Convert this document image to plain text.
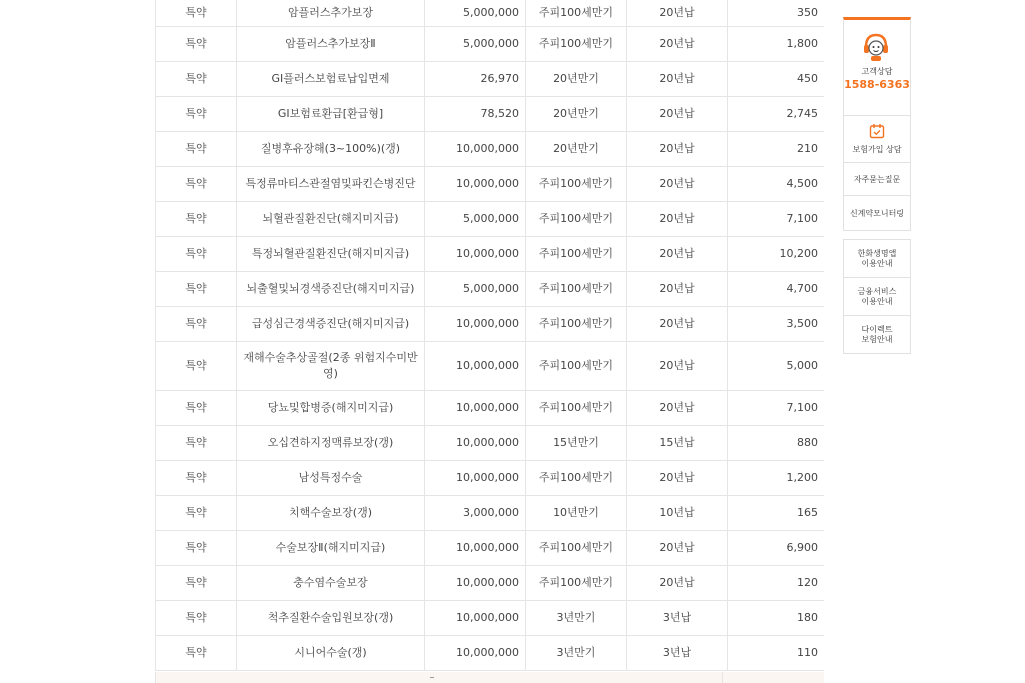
특약	암플러스추가보장	5,000,000	주피100세만기	20년납	350
특약	암플러스추가보장Ⅱ	5,000,000	주피100세만기	20년납	1,800
특약	GI플러스보험료납입면제	26,970	20년만기	20년납	450
특약	GI보험료환급[환급형]	78,520	20년만기	20년납	2,745
특약	질병후유장해(3~100%)(갱)	10,000,000	20년만기	20년납	210
특약	특정류마티스관절염및파킨슨병진단	10,000,000	주피100세만기	20년납	4,500
특약	뇌혈관질환진단(해지미지급)	5,000,000	주피100세만기	20년납	7,100
특약	특정뇌혈관질환진단(해지미지급)	10,000,000	주피100세만기	20년납	10,200
특약	뇌출혈및뇌경색증진단(해지미지급)	5,000,000	주피100세만기	20년납	4,700
특약	급성심근경색증진단(해지미지급)	10,000,000	주피100세만기	20년납	3,500
특약	재해수술추상골절(2종 위험지수미반영)	10,000,000	주피100세만기	20년납	5,000
특약	당뇨및합병증(해지미지급)	10,000,000	주피100세만기	20년납	7,100
특약	오십견하지정맥류보장(갱)	10,000,000	15년만기	15년납	880
특약	남성특정수술	10,000,000	주피100세만기	20년납	1,200
특약	치핵수술보장(갱)	3,000,000	10년만기	10년납	165
특약	수술보장Ⅱ(해지미지급)	10,000,000	주피100세만기	20년납	6,900
특약	충수염수술보장	10,000,000	주피100세만기	20년납	120
특약	척추질환수술입원보장(갱)	10,000,000	3년만기	3년납	180
특약	시니어수술(갱)	10,000,000	3년만기	3년납	110
고객상담
1588-6363
보험가입 상담
자주묻는질문
신계약모니터링
한화생명앱
이용안내
금융서비스
이용안내
다이렉트
보험안내
